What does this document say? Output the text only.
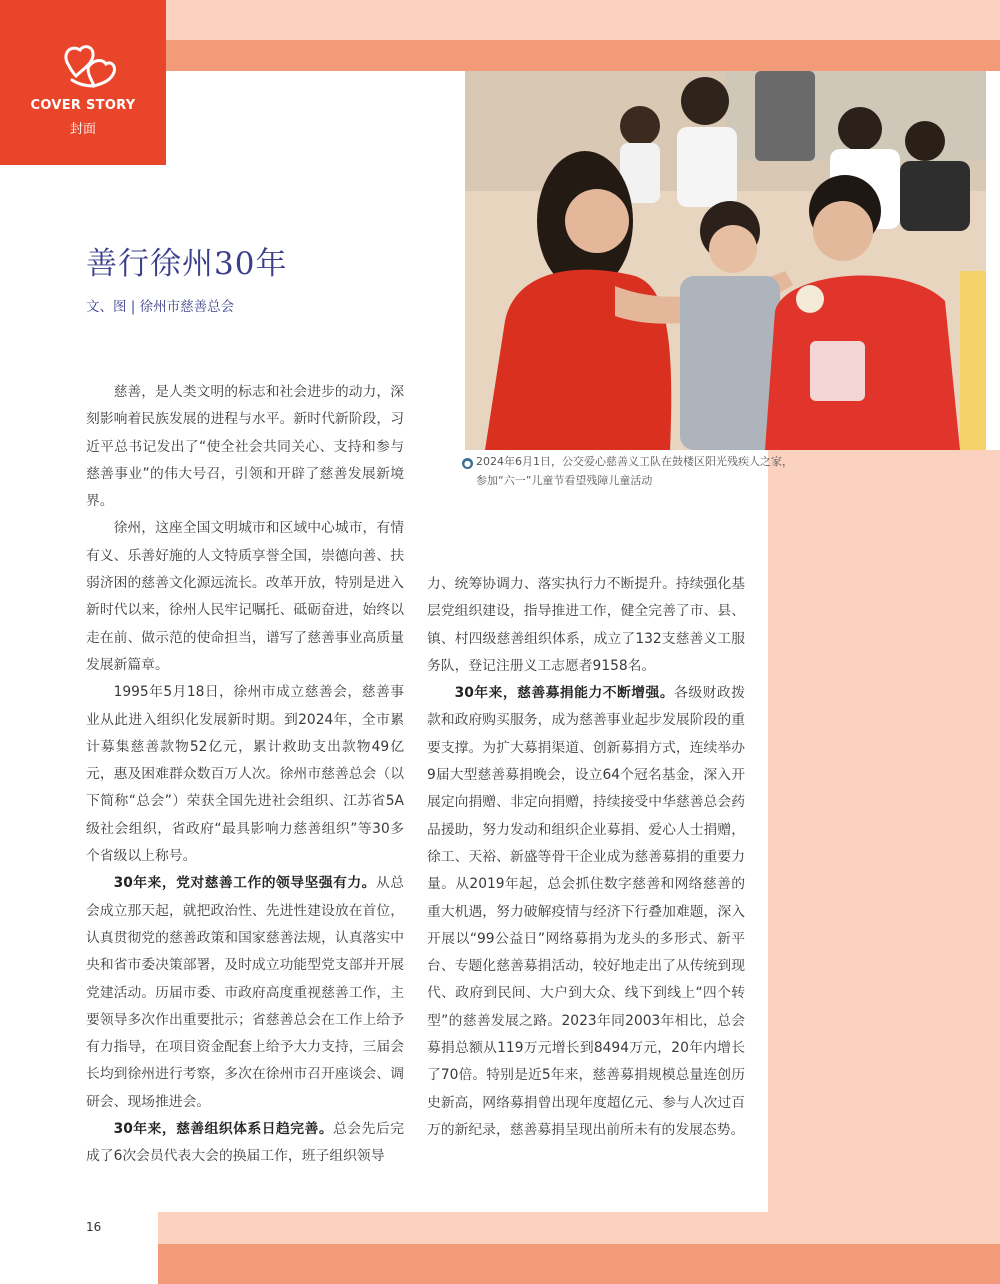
COVER STORY
封面
善行徐州30年
文、图 | 徐州市慈善总会
● 2024年6月1日，公交爱心慈善义工队在鼓楼区阳光残疾人之家，
参加“六一”儿童节看望残障儿童活动

慈善，是人类文明的标志和社会进步的动力，深刻影响着民族发展的进程与水平。新时代新阶段，习近平总书记发出了“使全社会共同关心、支持和参与慈善事业”的伟大号召，引领和开辟了慈善发展新境界。

徐州，这座全国文明城市和区域中心城市，有情有义、乐善好施的人文特质享誉全国，崇德向善、扶弱济困的慈善文化源远流长。改革开放，特别是进入新时代以来，徐州人民牢记嘱托、砥砺奋进，始终以走在前、做示范的使命担当，谱写了慈善事业高质量发展新篇章。

1995年5月18日，徐州市成立慈善会，慈善事业从此进入组织化发展新时期。到2024年，全市累计募集慈善款物52亿元，累计救助支出款物49亿元，惠及困难群众数百万人次。徐州市慈善总会（以下简称“总会”）荣获全国先进社会组织、江苏省5A级社会组织，省政府“最具影响力慈善组织”等30多个省级以上称号。

30年来，党对慈善工作的领导坚强有力。从总会成立那天起，就把政治性、先进性建设放在首位，认真贯彻党的慈善政策和国家慈善法规，认真落实中央和省市委决策部署，及时成立功能型党支部并开展党建活动。历届市委、市政府高度重视慈善工作，主要领导多次作出重要批示；省慈善总会在工作上给予有力指导，在项目资金配套上给予大力支持，三届会长均到徐州进行考察，多次在徐州市召开座谈会、调研会、现场推进会。

30年来，慈善组织体系日趋完善。总会先后完成了6次会员代表大会的换届工作，班子组织领导

力、统筹协调力、落实执行力不断提升。持续强化基层党组织建设，指导推进工作，健全完善了市、县、镇、村四级慈善组织体系，成立了132支慈善义工服务队，登记注册义工志愿者9158名。

30年来，慈善募捐能力不断增强。各级财政拨款和政府购买服务，成为慈善事业起步发展阶段的重要支撑。为扩大募捐渠道、创新募捐方式，连续举办9届大型慈善募捐晚会，设立64个冠名基金，深入开展定向捐赠、非定向捐赠，持续接受中华慈善总会药品援助，努力发动和组织企业募捐、爱心人士捐赠，徐工、天裕、新盛等骨干企业成为慈善募捐的重要力量。从2019年起，总会抓住数字慈善和网络慈善的重大机遇，努力破解疫情与经济下行叠加难题，深入开展以“99公益日”网络募捐为龙头的多形式、新平台、专题化慈善募捐活动，较好地走出了从传统到现代、政府到民间、大户到大众、线下到线上“四个转型”的慈善发展之路。2023年同2003年相比，总会募捐总额从119万元增长到8494万元，20年内增长了70倍。特别是近5年来，慈善募捐规模总量连创历史新高，网络募捐曾出现年度超亿元、参与人次过百万的新纪录，慈善募捐呈现出前所未有的发展态势。

16
